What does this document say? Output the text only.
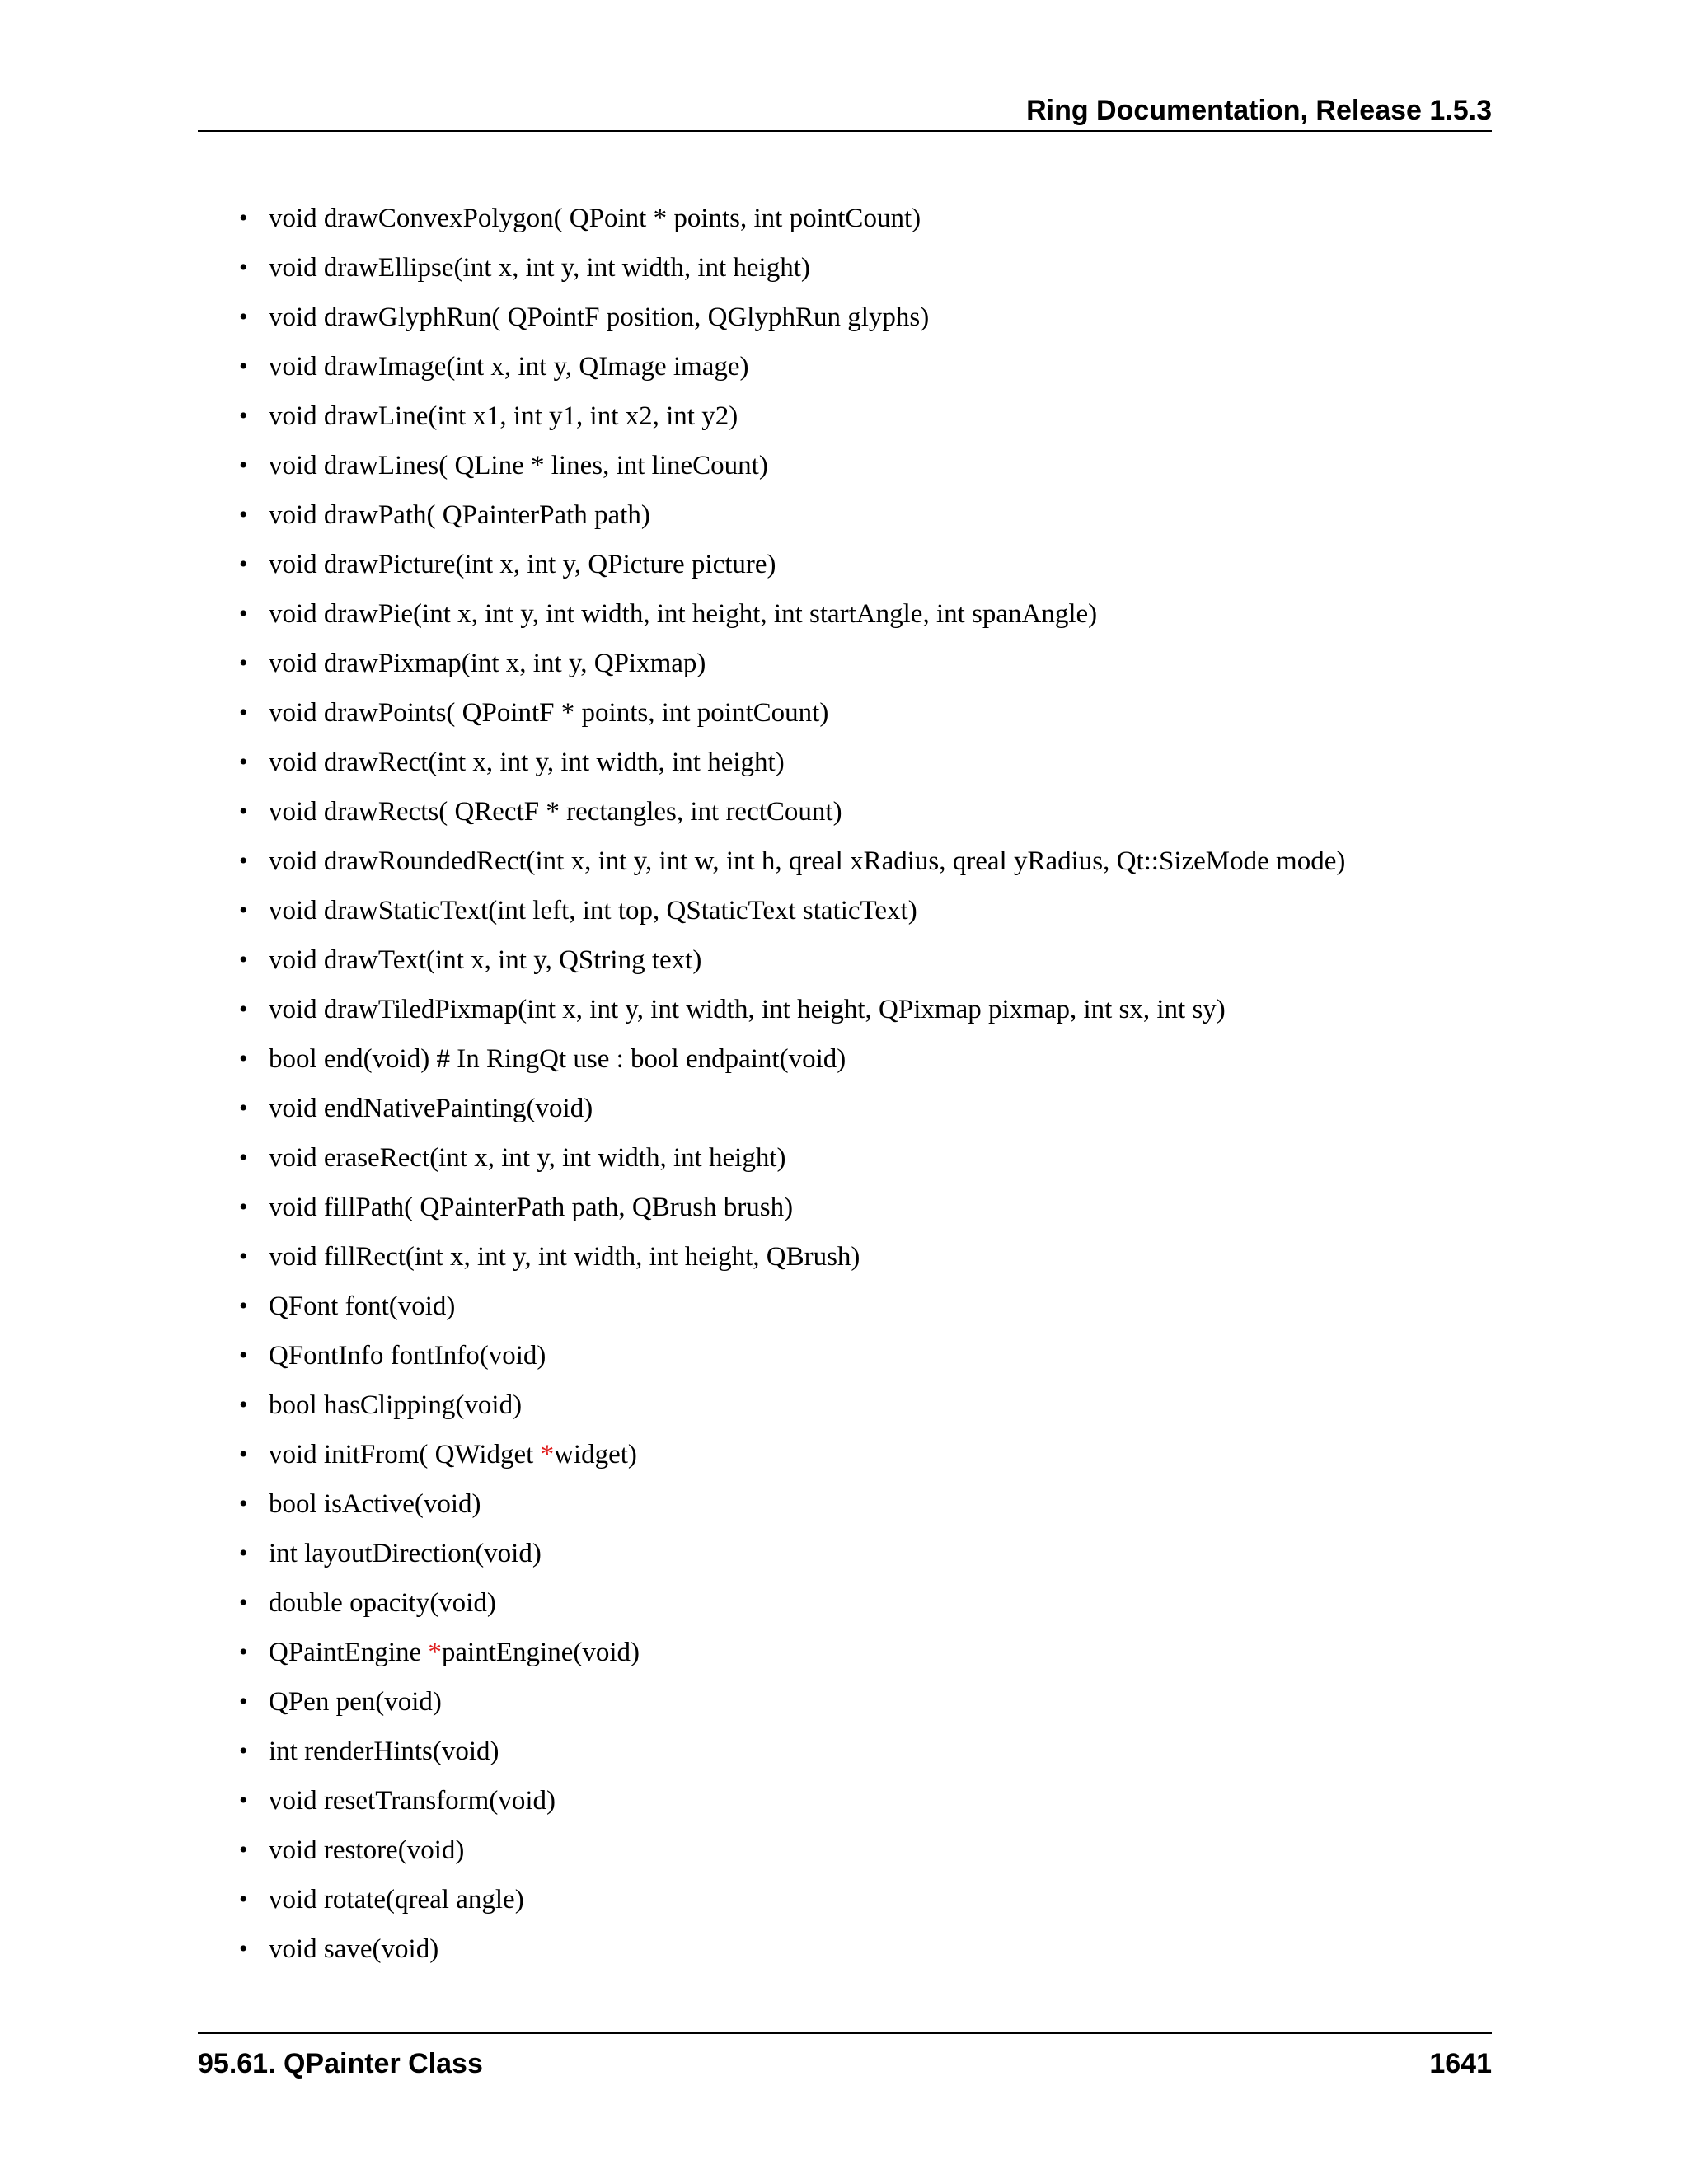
Ring Documentation, Release 1.5.3
• void drawConvexPolygon( QPoint * points, int pointCount)
• void drawEllipse(int x, int y, int width, int height)
• void drawGlyphRun( QPointF position, QGlyphRun glyphs)
• void drawImage(int x, int y, QImage image)
• void drawLine(int x1, int y1, int x2, int y2)
• void drawLines( QLine * lines, int lineCount)
• void drawPath( QPainterPath path)
• void drawPicture(int x, int y, QPicture picture)
• void drawPie(int x, int y, int width, int height, int startAngle, int spanAngle)
• void drawPixmap(int x, int y, QPixmap)
• void drawPoints( QPointF * points, int pointCount)
• void drawRect(int x, int y, int width, int height)
• void drawRects( QRectF * rectangles, int rectCount)
• void drawRoundedRect(int x, int y, int w, int h, qreal xRadius, qreal yRadius, Qt::SizeMode mode)
• void drawStaticText(int left, int top, QStaticText staticText)
• void drawText(int x, int y, QString text)
• void drawTiledPixmap(int x, int y, int width, int height, QPixmap pixmap, int sx, int sy)
• bool end(void) # In RingQt use : bool endpaint(void)
• void endNativePainting(void)
• void eraseRect(int x, int y, int width, int height)
• void fillPath( QPainterPath path, QBrush brush)
• void fillRect(int x, int y, int width, int height, QBrush)
• QFont font(void)
• QFontInfo fontInfo(void)
• bool hasClipping(void)
• void initFrom( QWidget *widget)
• bool isActive(void)
• int layoutDirection(void)
• double opacity(void)
• QPaintEngine *paintEngine(void)
• QPen pen(void)
• int renderHints(void)
• void resetTransform(void)
• void restore(void)
• void rotate(qreal angle)
• void save(void)
95.61. QPainter Class	1641
